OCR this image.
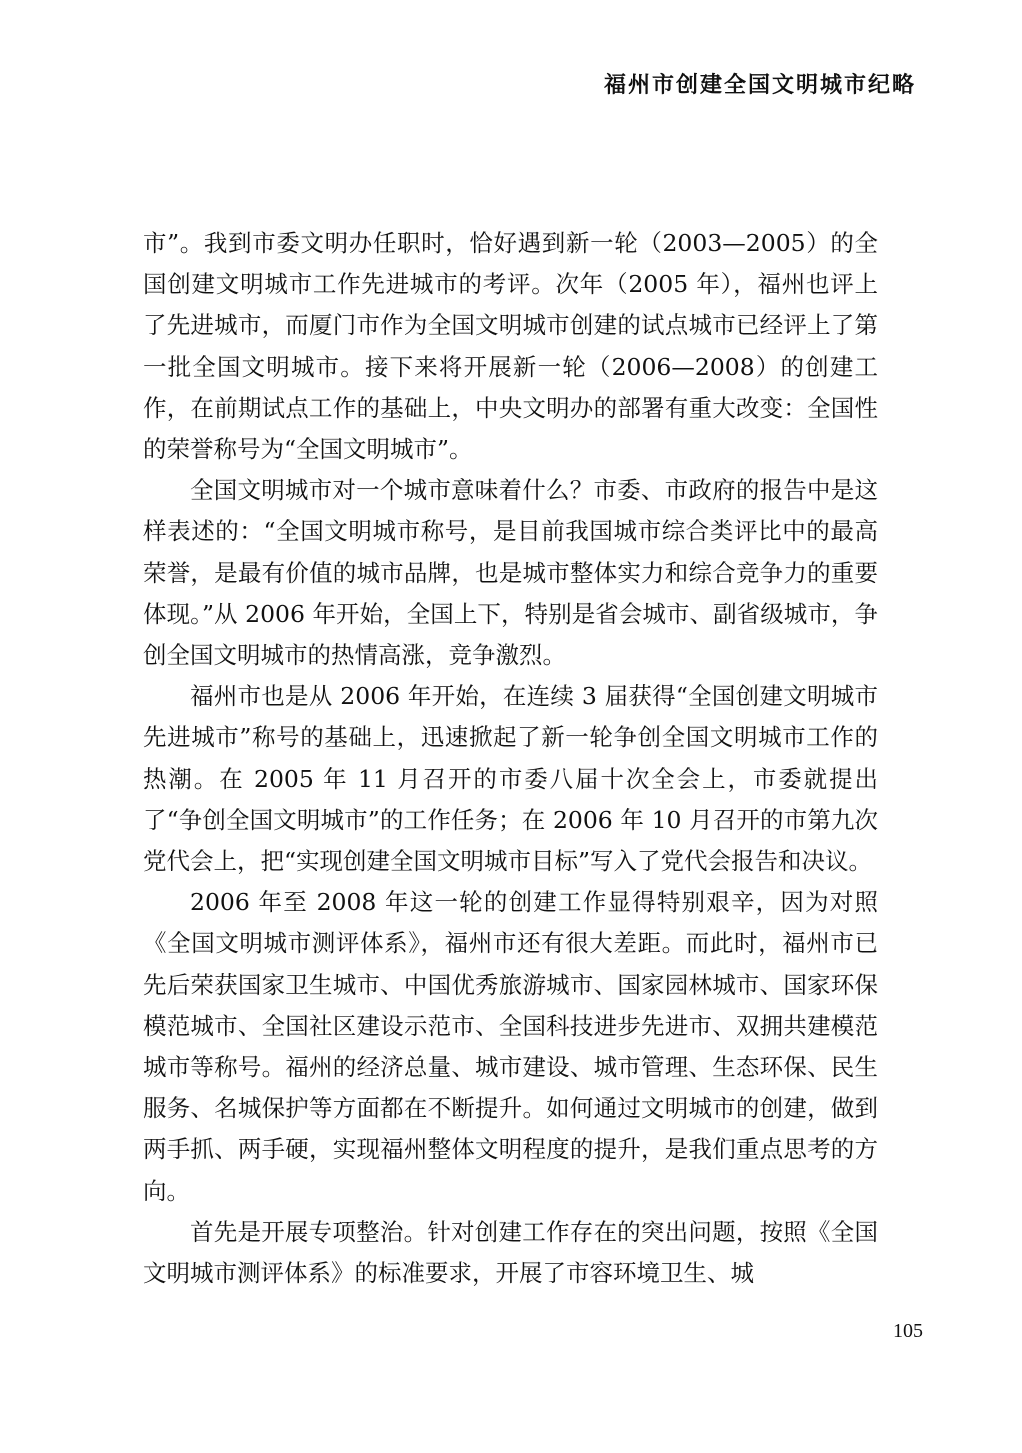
福州市创建全国文明城市纪略

市”。我到市委文明办任职时，恰好遇到新一轮（2003—2005）的全国创建文明城市工作先进城市的考评。次年（2005 年），福州也评上了先进城市，而厦门市作为全国文明城市创建的试点城市已经评上了第一批全国文明城市。接下来将开展新一轮（2006—2008）的创建工作，在前期试点工作的基础上，中央文明办的部署有重大改变：全国性的荣誉称号为“全国文明城市”。

全国文明城市对一个城市意味着什么？市委、市政府的报告中是这样表述的：“全国文明城市称号，是目前我国城市综合类评比中的最高荣誉，是最有价值的城市品牌，也是城市整体实力和综合竞争力的重要体现。”从 2006 年开始，全国上下，特别是省会城市、副省级城市，争创全国文明城市的热情高涨，竞争激烈。

福州市也是从 2006 年开始，在连续 3 届获得“全国创建文明城市先进城市”称号的基础上，迅速掀起了新一轮争创全国文明城市工作的热潮。在 2005 年 11 月召开的市委八届十次全会上，市委就提出了“争创全国文明城市”的工作任务；在 2006 年 10 月召开的市第九次党代会上，把“实现创建全国文明城市目标”写入了党代会报告和决议。

2006 年至 2008 年这一轮的创建工作显得特别艰辛，因为对照《全国文明城市测评体系》，福州市还有很大差距。而此时，福州市已先后荣获国家卫生城市、中国优秀旅游城市、国家园林城市、国家环保模范城市、全国社区建设示范市、全国科技进步先进市、双拥共建模范城市等称号。福州的经济总量、城市建设、城市管理、生态环保、民生服务、名城保护等方面都在不断提升。如何通过文明城市的创建，做到两手抓、两手硬，实现福州整体文明程度的提升，是我们重点思考的方向。

首先是开展专项整治。针对创建工作存在的突出问题，按照《全国文明城市测评体系》的标准要求，开展了市容环境卫生、城

105
